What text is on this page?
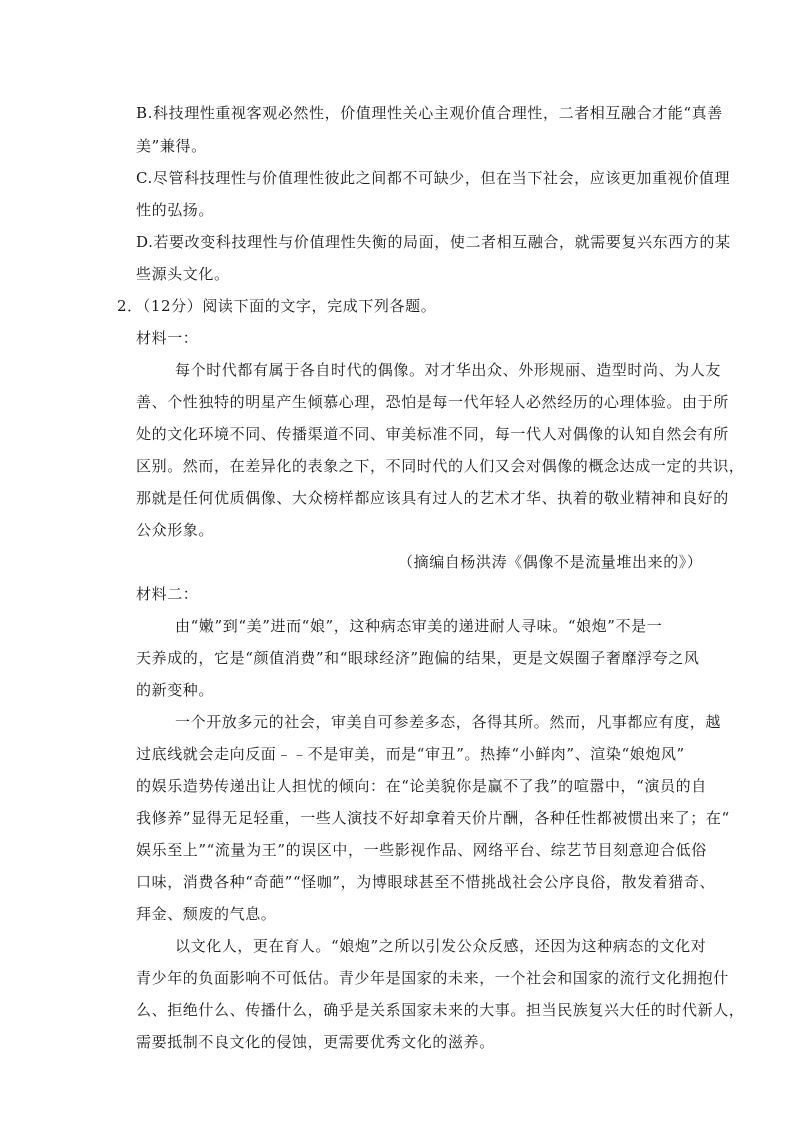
B.科技理性重视客观必然性，价值理性关心主观价值合理性，二者相互融合才能“真善
美”兼得。
C.尽管科技理性与价值理性彼此之间都不可缺少，但在当下社会，应该更加重视价值理
性的弘扬。
D.若要改变科技理性与价值理性失衡的局面，使二者相互融合，就需要复兴东西方的某
些源头文化。
2．（12分）阅读下面的文字，完成下列各题。
材料一：
每个时代都有属于各自时代的偶像。对才华出众、外形规丽、造型时尚、为人友
善、个性独特的明星产生倾慕心理，恐怕是每一代年轻人必然经历的心理体验。由于所
处的文化环境不同、传播渠道不同、审美标准不同，每一代人对偶像的认知自然会有所
区别。然而，在差异化的表象之下，不同时代的人们又会对偶像的概念达成一定的共识，
那就是任何优质偶像、大众榜样都应该具有过人的艺术才华、执着的敬业精神和良好的
公众形象。
（摘编自杨洪涛《偶像不是流量堆出来的》）
材料二：
由“嫩”到“美”进而“娘”，这种病态审美的递进耐人寻味。“娘炮”不是一
天养成的，它是“颜值消费”和“眼球经济”跑偏的结果，更是文娱圈子奢靡浮夸之风
的新变种。
一个开放多元的社会，审美自可参差多态，各得其所。然而，凡事都应有度，越
过底线就会走向反面﹣﹣不是审美，而是“审丑”。热捧“小鲜肉”、渲染“娘炮风”
的娱乐造势传递出让人担忧的倾向：在“论美貌你是赢不了我”的喧嚣中，“演员的自
我修养”显得无足轻重，一些人演技不好却拿着天价片酬，各种任性都被惯出来了；在“
娱乐至上”“流量为王”的误区中，一些影视作品、网络平台、综艺节目刻意迎合低俗
口味，消费各种“奇葩”“怪咖”，为博眼球甚至不惜挑战社会公序良俗，散发着猎奇、
拜金、颓废的气息。
以文化人，更在育人。“娘炮”之所以引发公众反感，还因为这种病态的文化对
青少年的负面影响不可低估。青少年是国家的未来，一个社会和国家的流行文化拥抱什
么、拒绝什么、传播什么，确乎是关系国家未来的大事。担当民族复兴大任的时代新人，
需要抵制不良文化的侵蚀，更需要优秀文化的滋养。
